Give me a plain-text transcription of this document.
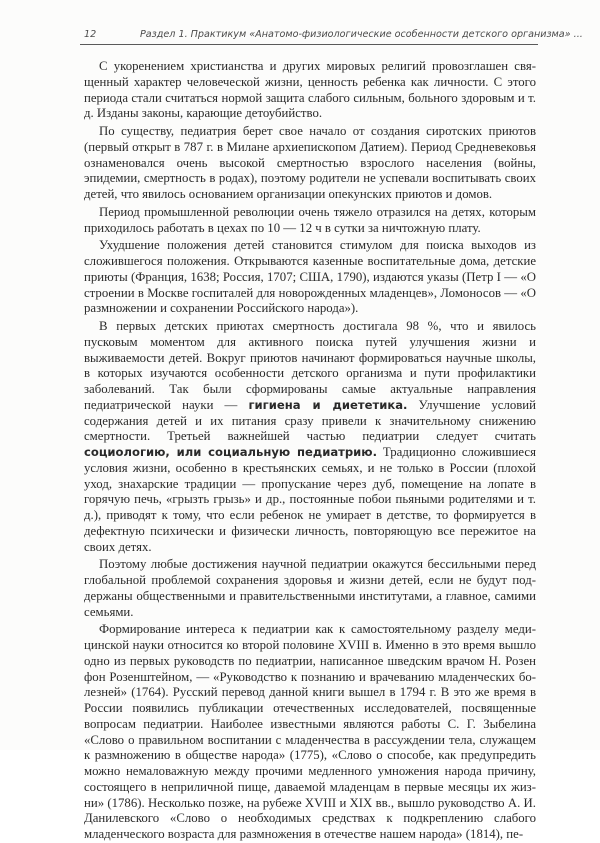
12	Раздел 1. Практикум «Анатомо-физиологические особенности детского организма» ...

С укоренением христианства и других мировых религий провозглашен священный характер человеческой жизни, ценность ребенка как личности. С этого периода стали считаться нормой защита слабого сильным, больного здоровым и т. д. Изданы законы, карающие детоубийство.

По существу, педиатрия берет свое начало от создания сиротских приютов (первый открыт в 787 г. в Милане архиепископом Датием). Период Средневековья ознаменовался очень высокой смертностью взрослого населения (войны, эпидемии, смертность в родах), поэтому родители не успевали воспитывать своих детей, что явилось основанием организации опекунских приютов и домов.

Период промышленной революции очень тяжело отразился на детях, которым приходилось работать в цехах по 10 — 12 ч в сутки за ничтожную плату.

Ухудшение положения детей становится стимулом для поиска выходов из сложившегося положения. Открываются казенные воспитательные дома, детские приюты (Франция, 1638; Россия, 1707; США, 1790), издаются указы (Петр I — «О строении в Москве госпиталей для новорожденных младенцев», Ломоносов — «О размножении и сохранении Российского народа»).

В первых детских приютах смертность достигала 98 %, что и явилось пусковым моментом для активного поиска путей улучшения жизни и выживаемости детей. Вокруг приютов начинают формироваться научные школы, в которых изучаются особенности детского организма и пути профилактики заболеваний. Так были сформированы самые актуальные направления педиатрической науки — гигиена и диететика. Улучшение условий содержания детей и их питания сразу привели к значительному снижению смертности. Третьей важнейшей частью педиатрии следует считать социологию, или социальную педиатрию. Традиционно сложившиеся условия жизни, особенно в крестьянских семьях, и не только в России (плохой уход, знахарские традиции — пропускание через дуб, помещение на лопате в горячую печь, «грызть грызь» и др., постоянные побои пьяными родителями и т. д.), приводят к тому, что если ребенок не умирает в детстве, то формируется в дефектную психически и физически личность, повторяющую все пережитое на своих детях.

Поэтому любые достижения научной педиатрии окажутся бессильными перед глобальной проблемой сохранения здоровья и жизни детей, если не будут поддержаны общественными и правительственными институтами, а главное, самими семьями.

Формирование интереса к педиатрии как к самостоятельному разделу медицинской науки относится ко второй половине XVIII в. Именно в это время вышло одно из первых руководств по педиатрии, написанное шведским врачом Н. Розен фон Розенштейном, — «Руководство к познанию и врачеванию младенческих болезней» (1764). Русский перевод данной книги вышел в 1794 г. В это же время в России появились публикации отечественных исследователей, посвященные вопросам педиатрии. Наиболее известными являются работы С. Г. Зыбелина «Слово о правильном воспитании с младенчества в рассуждении тела, служащем к размножению в обществе народа» (1775), «Слово о способе, как предупредить можно немаловажную между прочими медленного умножения народа причину, состоящего в неприличной пище, даваемой младенцам в первые месяцы их жизни» (1786). Несколько позже, на рубеже XVIII и XIX вв., вышло руководство А. И. Данилевского «Слово о необходимых средствах к подкреплению слабого младенческого возраста для размножения в отечестве нашем народа» (1814), пе-
